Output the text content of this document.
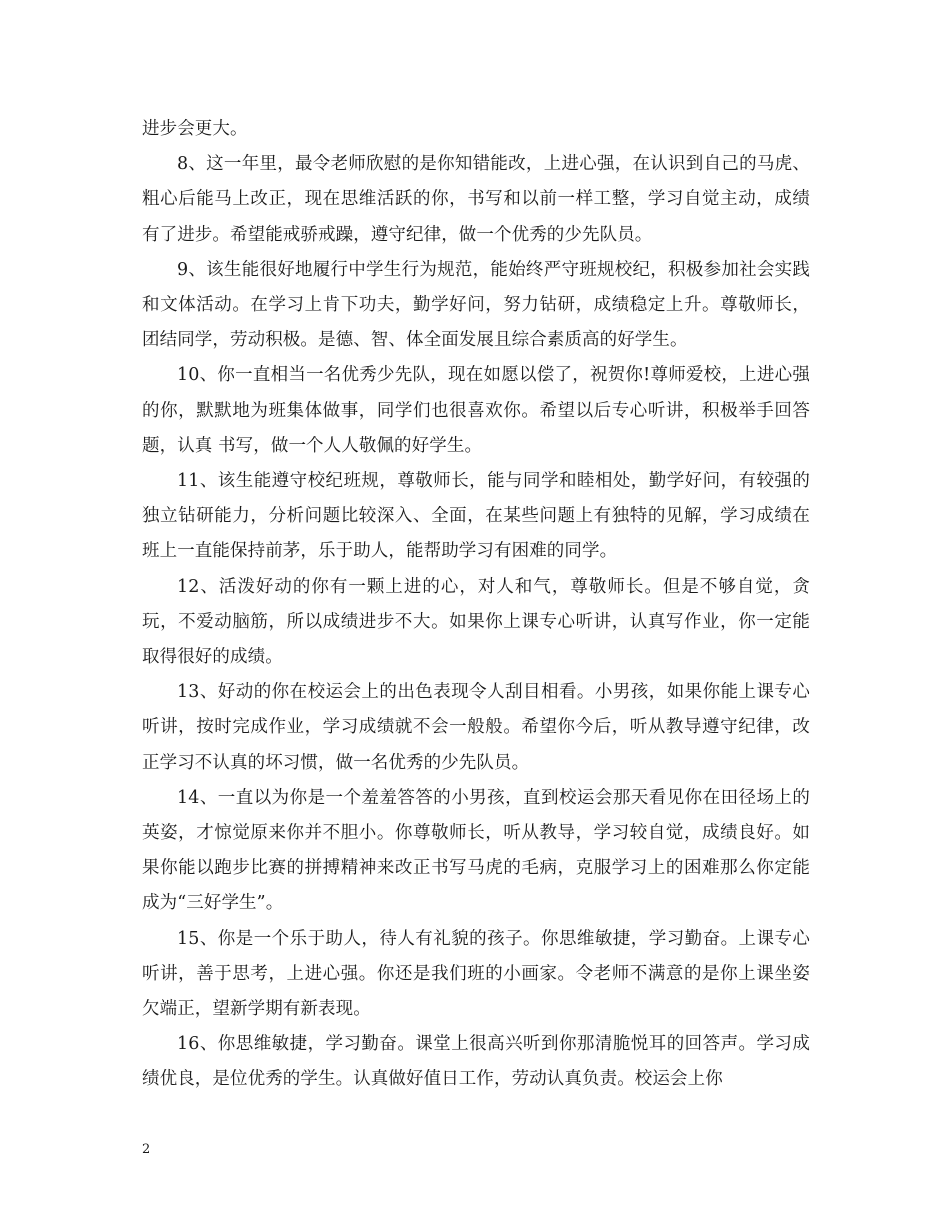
进步会更大。

8、这一年里，最令老师欣慰的是你知错能改，上进心强，在认识到自己的马虎、粗心后能马上改正，现在思维活跃的你，书写和以前一样工整，学习自觉主动，成绩有了进步。希望能戒骄戒躁，遵守纪律，做一个优秀的少先队员。

9、该生能很好地履行中学生行为规范，能始终严守班规校纪，积极参加社会实践和文体活动。在学习上肯下功夫，勤学好问，努力钻研，成绩稳定上升。尊敬师长，团结同学，劳动积极。是德、智、体全面发展且综合素质高的好学生。

10、你一直相当一名优秀少先队，现在如愿以偿了，祝贺你!尊师爱校，上进心强的你，默默地为班集体做事，同学们也很喜欢你。希望以后专心听讲，积极举手回答题，认真 书写，做一个人人敬佩的好学生。

11、该生能遵守校纪班规，尊敬师长，能与同学和睦相处，勤学好问，有较强的独立钻研能力，分析问题比较深入、全面，在某些问题上有独特的见解，学习成绩在班上一直能保持前茅，乐于助人，能帮助学习有困难的同学。

12、活泼好动的你有一颗上进的心，对人和气，尊敬师长。但是不够自觉，贪玩，不爱动脑筋，所以成绩进步不大。如果你上课专心听讲，认真写作业，你一定能取得很好的成绩。

13、好动的你在校运会上的出色表现令人刮目相看。小男孩，如果你能上课专心听讲，按时完成作业，学习成绩就不会一般般。希望你今后，听从教导遵守纪律，改正学习不认真的坏习惯，做一名优秀的少先队员。

14、一直以为你是一个羞羞答答的小男孩，直到校运会那天看见你在田径场上的英姿，才惊觉原来你并不胆小。你尊敬师长，听从教导，学习较自觉，成绩良好。如果你能以跑步比赛的拼搏精神来改正书写马虎的毛病，克服学习上的困难那么你定能成为“三好学生”。

15、你是一个乐于助人，待人有礼貌的孩子。你思维敏捷，学习勤奋。上课专心听讲，善于思考，上进心强。你还是我们班的小画家。令老师不满意的是你上课坐姿欠端正，望新学期有新表现。

16、你思维敏捷，学习勤奋。课堂上很高兴听到你那清脆悦耳的回答声。学习成绩优良，是位优秀的学生。认真做好值日工作，劳动认真负责。校运会上你

2
